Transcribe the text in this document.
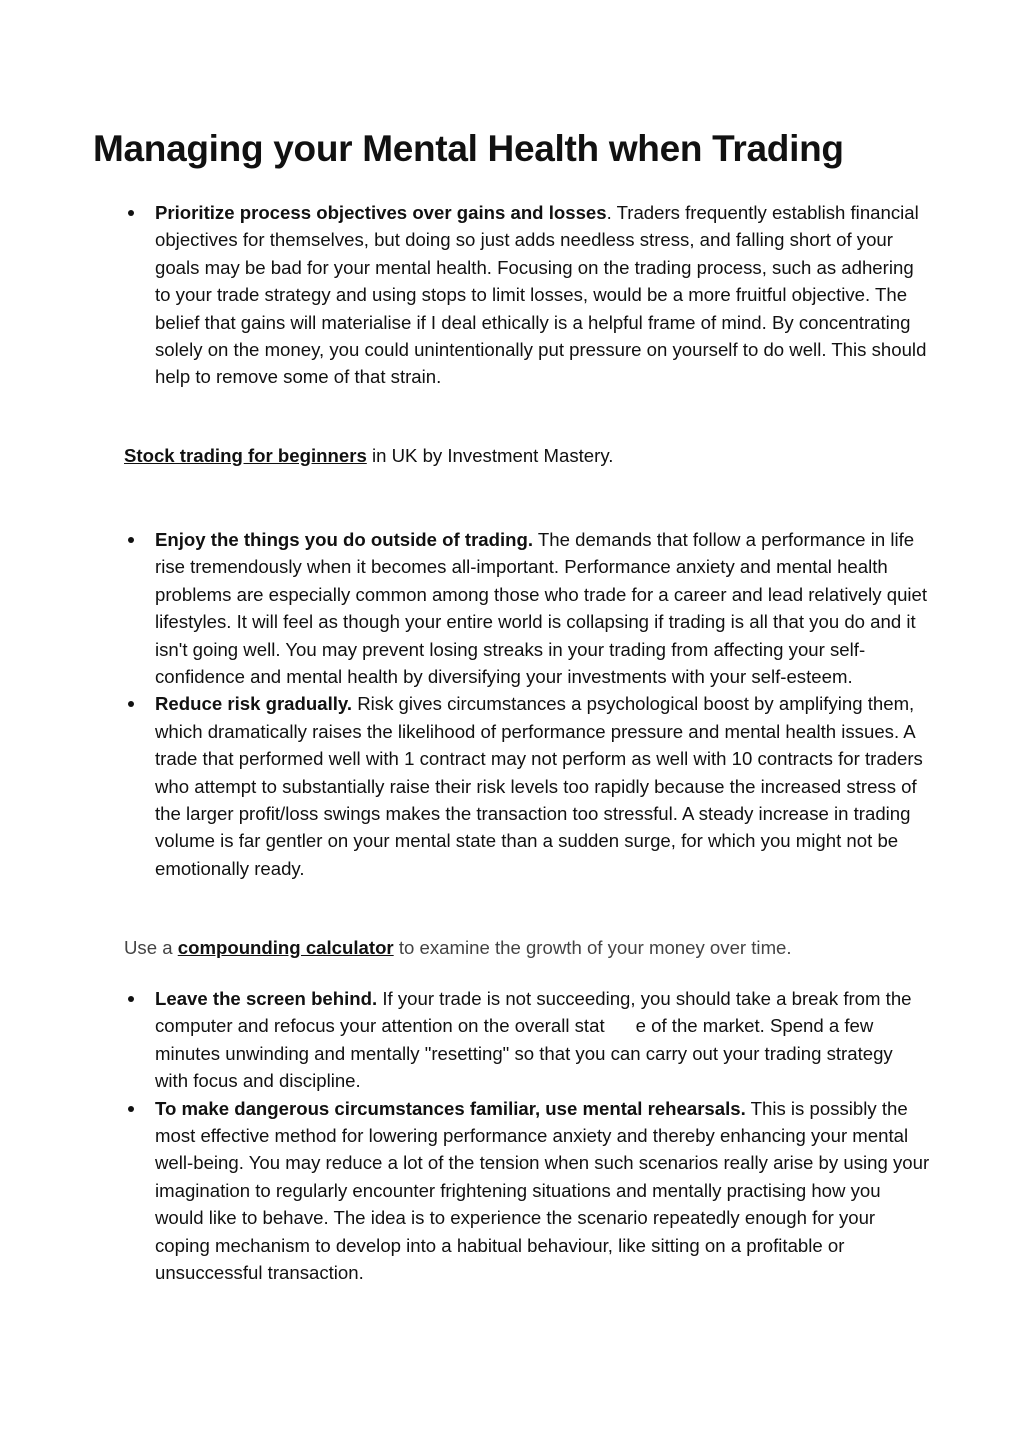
Managing your Mental Health when Trading
Prioritize process objectives over gains and losses. Traders frequently establish financial objectives for themselves, but doing so just adds needless stress, and falling short of your goals may be bad for your mental health. Focusing on the trading process, such as adhering to your trade strategy and using stops to limit losses, would be a more fruitful objective. The belief that gains will materialise if I deal ethically is a helpful frame of mind. By concentrating solely on the money, you could unintentionally put pressure on yourself to do well. This should help to remove some of that strain.

Stock trading for beginners in UK by Investment Mastery.

Enjoy the things you do outside of trading. The demands that follow a performance in life rise tremendously when it becomes all-important. Performance anxiety and mental health problems are especially common among those who trade for a career and lead relatively quiet lifestyles. It will feel as though your entire world is collapsing if trading is all that you do and it isn't going well. You may prevent losing streaks in your trading from affecting your self-confidence and mental health by diversifying your investments with your self-esteem.
Reduce risk gradually. Risk gives circumstances a psychological boost by amplifying them, which dramatically raises the likelihood of performance pressure and mental health issues. A trade that performed well with 1 contract may not perform as well with 10 contracts for traders who attempt to substantially raise their risk levels too rapidly because the increased stress of the larger profit/loss swings makes the transaction too stressful. A steady increase in trading volume is far gentler on your mental state than a sudden surge, for which you might not be emotionally ready.

Use a compounding calculator to examine the growth of your money over time.

Leave the screen behind. If your trade is not succeeding, you should take a break from the computer and refocus your attention on the overall stat      e of the market. Spend a few minutes unwinding and mentally "resetting" so that you can carry out your trading strategy with focus and discipline.
To make dangerous circumstances familiar, use mental rehearsals. This is possibly the most effective method for lowering performance anxiety and thereby enhancing your mental well-being. You may reduce a lot of the tension when such scenarios really arise by using your imagination to regularly encounter frightening situations and mentally practising how you would like to behave. The idea is to experience the scenario repeatedly enough for your coping mechanism to develop into a habitual behaviour, like sitting on a profitable or unsuccessful transaction.
